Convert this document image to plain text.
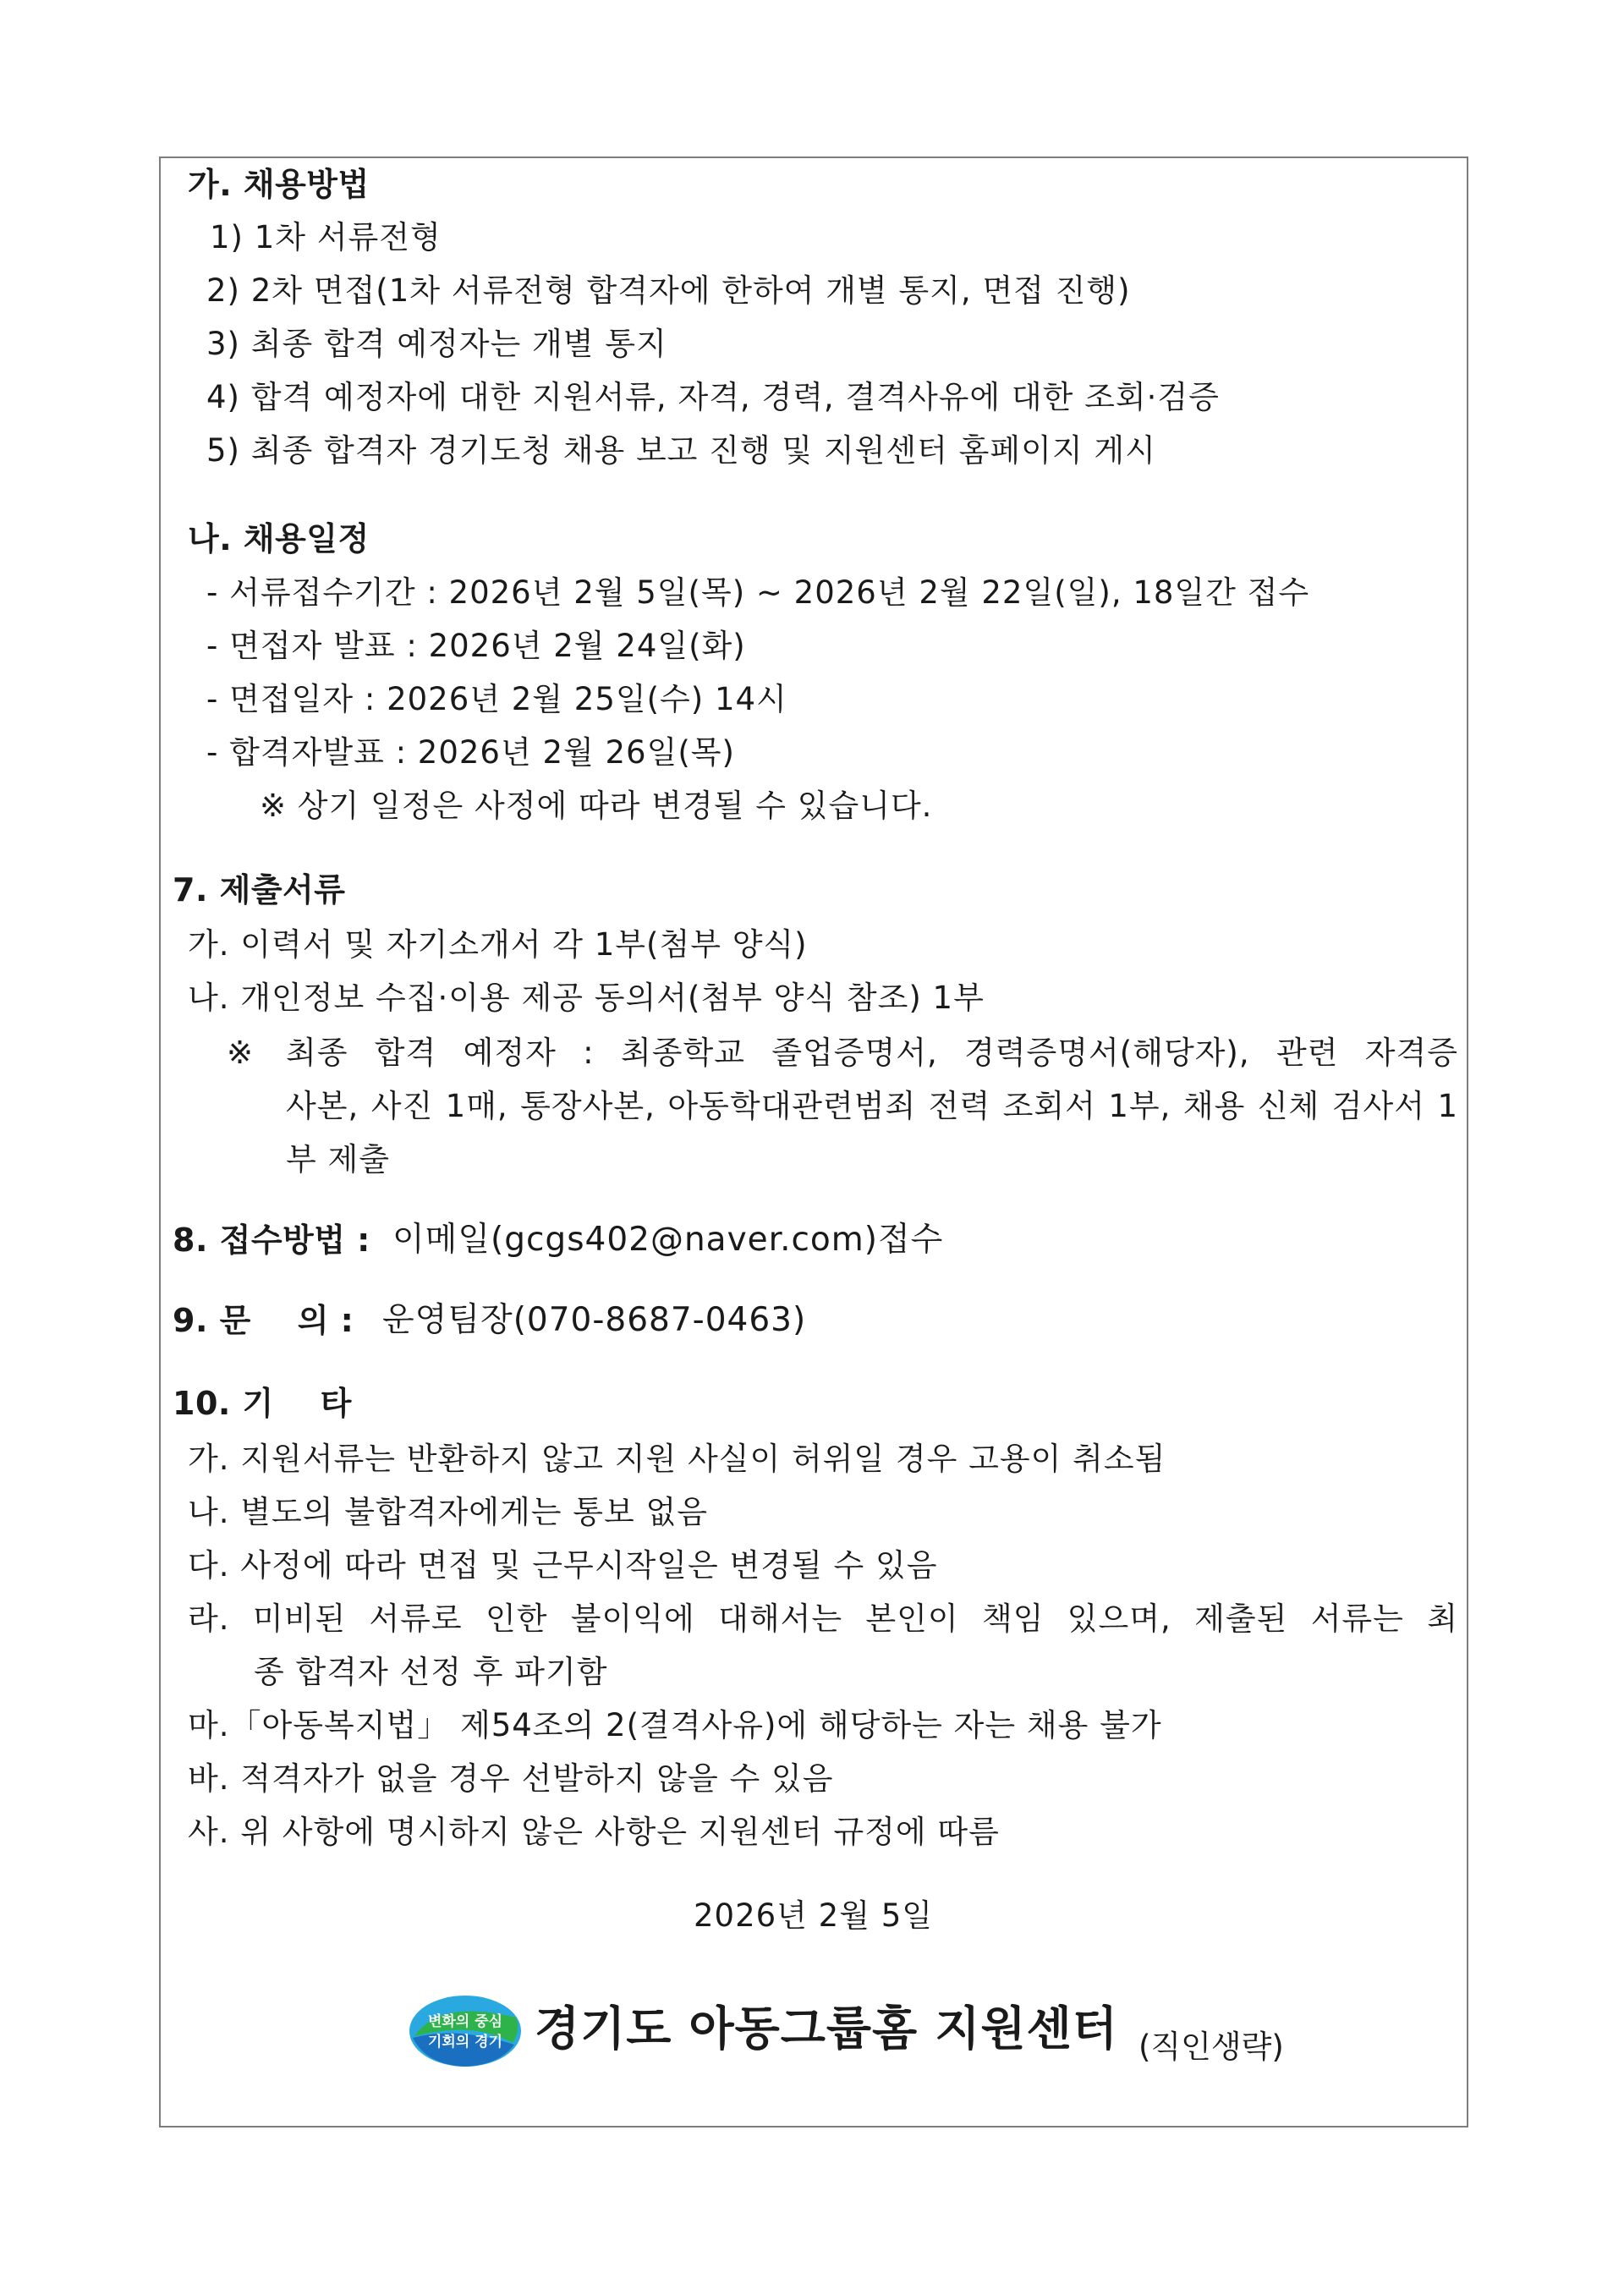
가. 채용방법
1) 1차 서류전형
2) 2차 면접(1차 서류전형 합격자에 한하여 개별 통지, 면접 진행)
3) 최종 합격 예정자는 개별 통지
4) 합격 예정자에 대한 지원서류, 자격, 경력, 결격사유에 대한 조회·검증
5) 최종 합격자 경기도청 채용 보고 진행 및 지원센터 홈페이지 게시
나. 채용일정
- 서류접수기간 : 2026년 2월 5일(목) ~ 2026년 2월 22일(일), 18일간 접수
- 면접자 발표 : 2026년 2월 24일(화)
- 면접일자 : 2026년 2월 25일(수) 14시
- 합격자발표 : 2026년 2월 26일(목)
※ 상기 일정은 사정에 따라 변경될 수 있습니다.
7. 제출서류
가. 이력서 및 자기소개서 각 1부(첨부 양식)
나. 개인정보 수집·이용 제공 동의서(첨부 양식 참조) 1부
※ 최종 합격 예정자 : 최종학교 졸업증명서, 경력증명서(해당자), 관련 자격증
사본, 사진 1매, 통장사본, 아동학대관련범죄 전력 조회서 1부, 채용 신체 검사서 1
부 제출
8. 접수방법 : 이메일(gcgs402@naver.com)접수
9. 문    의 : 운영팀장(070-8687-0463)
10. 기    타
가. 지원서류는 반환하지 않고 지원 사실이 허위일 경우 고용이 취소됨
나. 별도의 불합격자에게는 통보 없음
다. 사정에 따라 면접 및 근무시작일은 변경될 수 있음
라. 미비된 서류로 인한 불이익에 대해서는 본인이 책임 있으며, 제출된 서류는 최
종 합격자 선정 후 파기함
마.「아동복지법」 제54조의 2(결격사유)에 해당하는 자는 채용 불가
바. 적격자가 없을 경우 선발하지 않을 수 있음
사. 위 사항에 명시하지 않은 사항은 지원센터 규정에 따름
2026년 2월 5일
변화의 중심
기회의 경기 경기도 아동그룹홈 지원센터 (직인생략)
